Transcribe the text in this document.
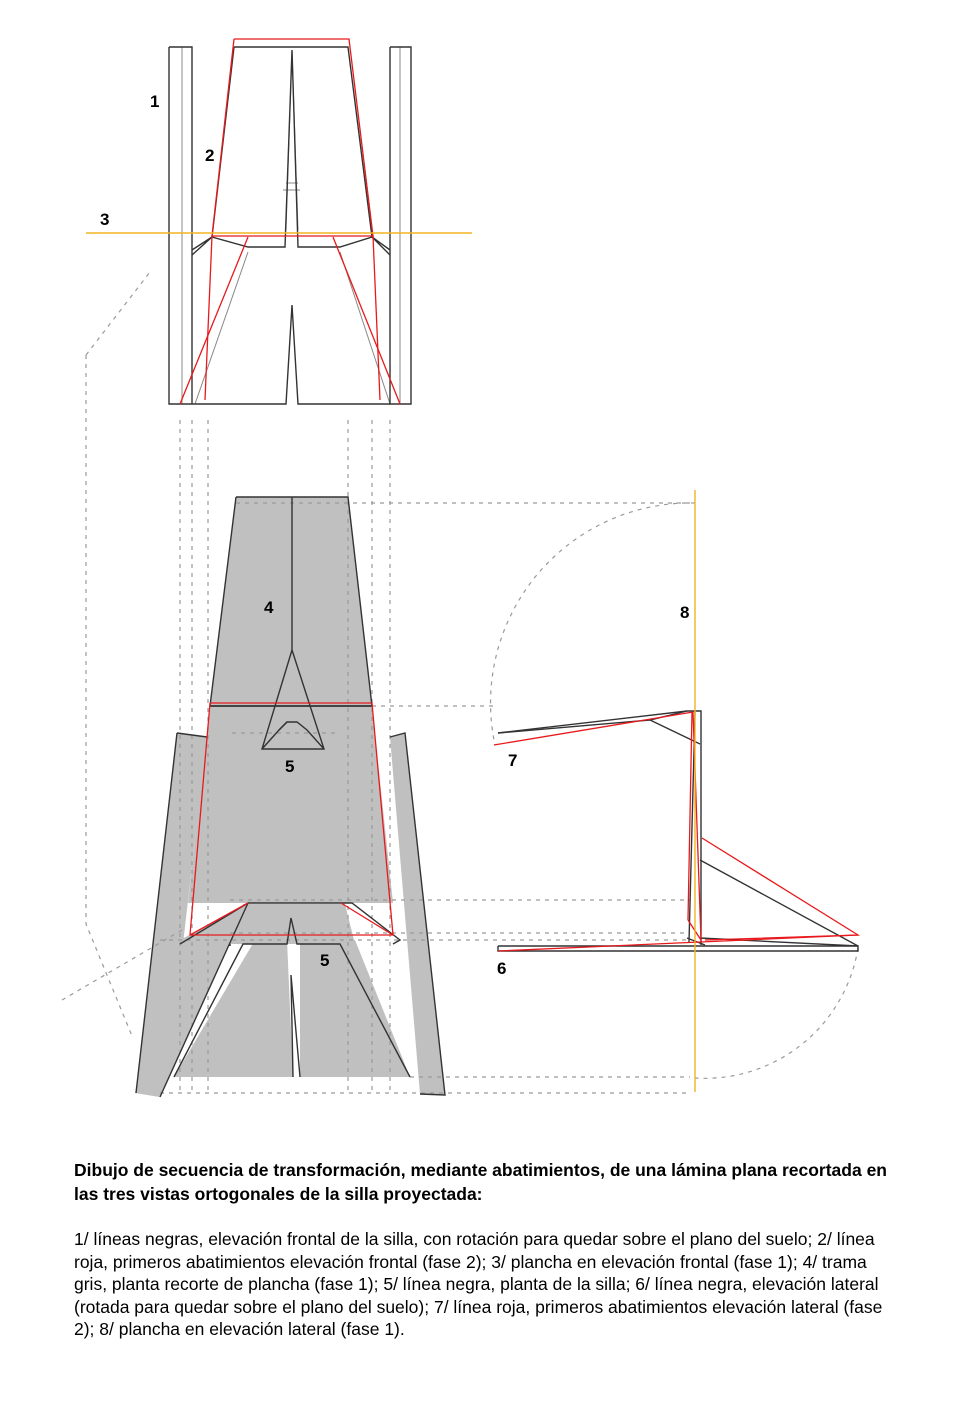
1
2
3
4
5
5	6
7
8

Dibujo de secuencia de transformación, mediante abatimientos, de una lámina plana recortada en las tres vistas ortogonales de la silla proyectada:

1/ líneas negras, elevación frontal de la silla, con rotación para quedar sobre el plano del suelo; 2/ línea roja, primeros abatimientos elevación frontal (fase 2); 3/ plancha en elevación frontal (fase 1); 4/ trama gris, planta recorte de plancha (fase 1); 5/ línea negra, planta de la silla; 6/ línea negra, elevación lateral (rotada para quedar sobre el plano del suelo); 7/ línea roja, primeros abatimientos elevación lateral (fase 2); 8/ plancha en elevación lateral (fase 1).
